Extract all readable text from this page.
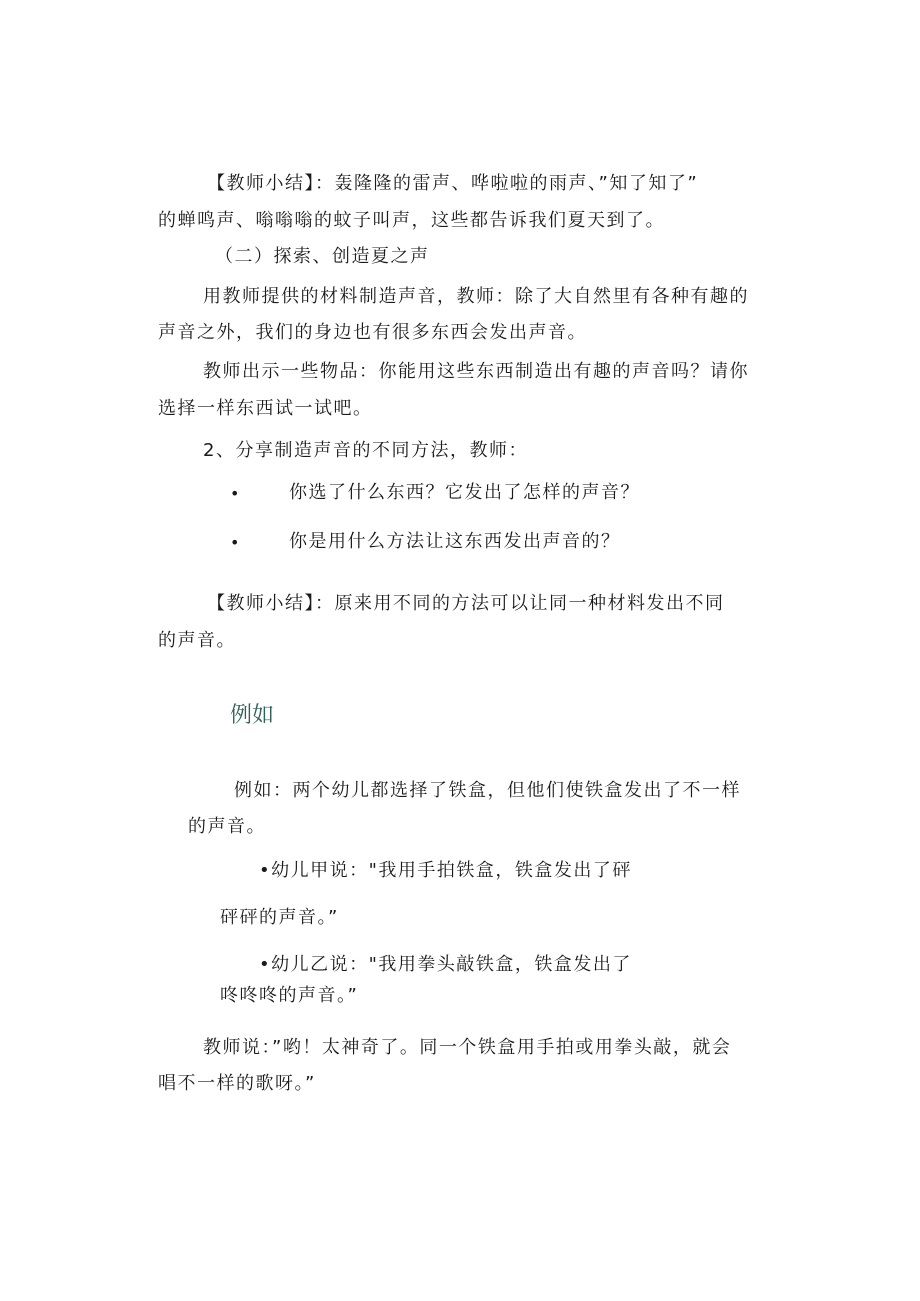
【教师小结】：轰隆隆的雷声、哗啦啦的雨声、”知了知了”
的蝉鸣声、嗡嗡嗡的蚊子叫声，这些都告诉我们夏天到了。
（二）探索、创造夏之声
用教师提供的材料制造声音，教师：除了大自然里有各种有趣的
声音之外，我们的身边也有很多东西会发出声音。
教师出示一些物品：你能用这些东西制造出有趣的声音吗？请你
选择一样东西试一试吧。
2、分享制造声音的不同方法，教师：
•	你选了什么东西？它发出了怎样的声音？
•	你是用什么方法让这东西发出声音的？
【教师小结】：原来用不同的方法可以让同一种材料发出不同
的声音。
例如
例如：两个幼儿都选择了铁盒，但他们使铁盒发出了不一样
的声音。
•幼儿甲说："我用手拍铁盒，铁盒发出了砰
砰砰的声音。”
•幼儿乙说："我用拳头敲铁盒，铁盒发出了
咚咚咚的声音。”
教师说：”哟！太神奇了。同一个铁盒用手拍或用拳头敲，就会
唱不一样的歌呀。”
